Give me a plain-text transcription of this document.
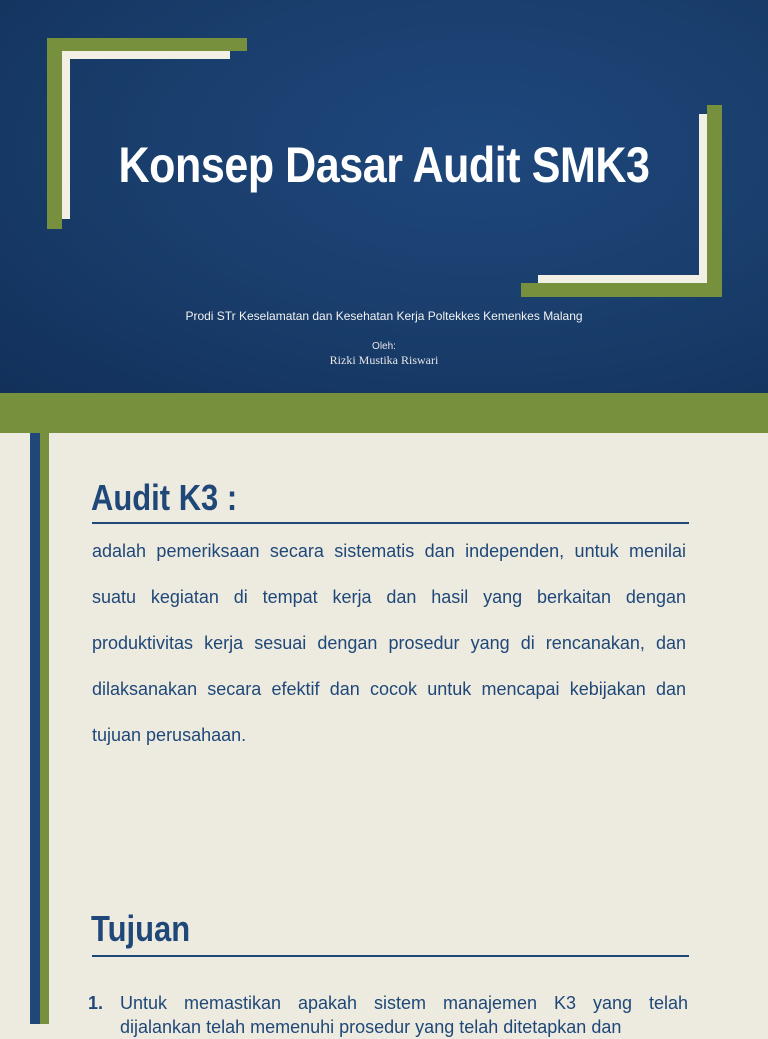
Konsep Dasar Audit SMK3

Prodi STr Keselamatan dan Kesehatan Kerja Poltekkes Kemenkes Malang

Oleh:

Rizki Mustika Riswari

Audit K3 :

adalah pemeriksaan secara sistematis dan independen, untuk menilai suatu kegiatan di tempat kerja dan hasil yang berkaitan dengan produktivitas kerja sesuai dengan prosedur yang di rencanakan, dan dilaksanakan secara efektif dan cocok untuk mencapai kebijakan dan tujuan perusahaan.

Tujuan
1. Untuk memastikan apakah sistem manajemen K3 yang telah dijalankan telah memenuhi prosedur yang telah ditetapkan dan
